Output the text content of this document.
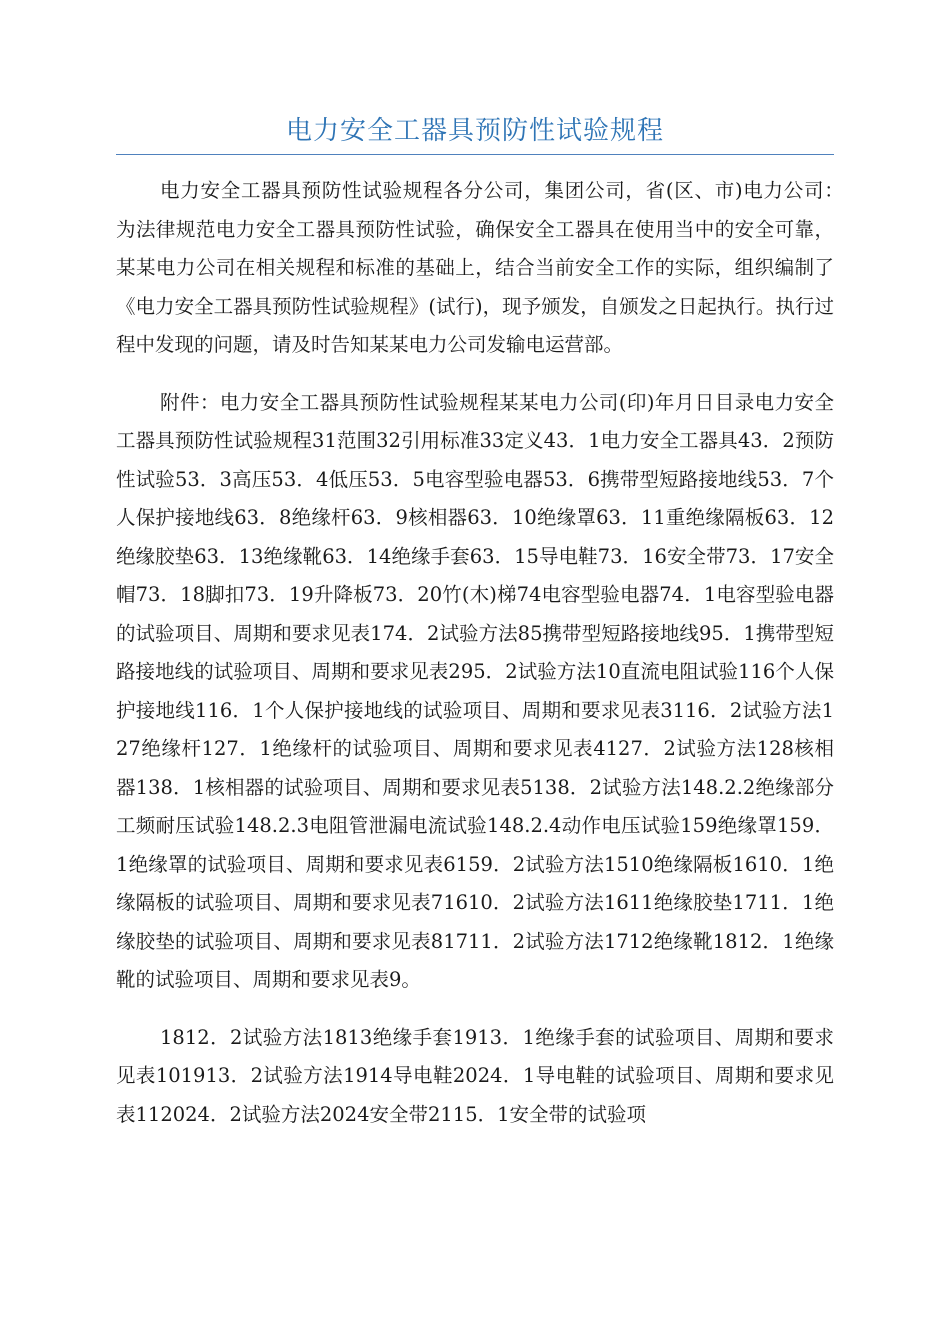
电力安全工器具预防性试验规程

电力安全工器具预防性试验规程各分公司，集团公司，省(区、市)电力公司：　 为法律规范电力安全工器具预防性试验，确保安全工器具在使用当中的安全可靠，某某电力公司在相关规程和标准的基础上，结合当前安全工作的实际，组织编制了《电力安全工器具预防性试验规程》(试行)，现予颁发，自颁发之日起执行。执行过程中发现的问题，请及时告知某某电力公司发输电运营部。

附件：电力安全工器具预防性试验规程某某电力公司(印)年月日目录电力安全工器具预防性试验规程31范围32引用标准33定义43．1电力安全工器具43．2预防性试验53．3高压53．4低压53．5电容型验电器53．6携带型短路接地线53．7个人保护接地线63．8绝缘杆63．9核相器63．10绝缘罩63．11重绝缘隔板63．12绝缘胶垫63．13绝缘靴63．14绝缘手套63．15导电鞋73．16安全带73．17安全帽73．18脚扣73．19升降板73．20竹(木)梯74电容型验电器74．1电容型验电器的试验项目、周期和要求见表174．2试验方法85携带型短路接地线95．1携带型短路接地线的试验项目、周期和要求见表295．2试验方法10直流电阻试验116个人保护接地线116．1个人保护接地线的试验项目、周期和要求见表3116．2试验方法127绝缘杆127．1绝缘杆的试验项目、周期和要求见表4127．2试验方法128核相器138．1核相器的试验项目、周期和要求见表5138．2试验方法148.2.2绝缘部分工频耐压试验148.2.3电阻管泄漏电流试验148.2.4动作电压试验159绝缘罩159．1绝缘罩的试验项目、周期和要求见表6159．2试验方法1510绝缘隔板1610．1绝缘隔板的试验项目、周期和要求见表71610．2试验方法1611绝缘胶垫1711．1绝缘胶垫的试验项目、周期和要求见表81711．2试验方法1712绝缘靴1812．1绝缘靴的试验项目、周期和要求见表9。

1812．2试验方法1813绝缘手套1913．1绝缘手套的试验项目、周期和要求见表101913．2试验方法1914导电鞋2024．1导电鞋的试验项目、周期和要求见表112024．2试验方法2024安全带2115．1安全带的试验项
